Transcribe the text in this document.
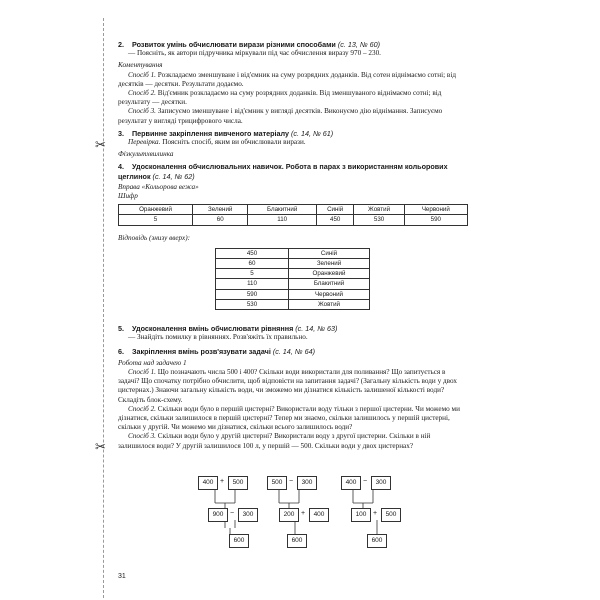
✂
✂

2. Розвиток умінь обчислювати вирази різними способами (с. 13, № 60)

— Поясніть, як автори підручника міркували під час обчислення виразу 970 – 230.

Коментування

Спосіб 1. Розкладаємо зменшуване і від'ємник на суму розрядних доданків. Від сотен віднімаємо сотні; від десятків — десятки. Результати додаємо.

Спосіб 2. Від'ємник розкладаємо на суму розрядних доданків. Від зменшуваного віднімаємо сотні; від результату — десятки.

Спосіб 3. Записуємо зменшуване і від'ємник у вигляді десятків. Виконуємо дію віднімання. Записуємо результат у вигляді трицифрового числа.

3. Первинне закріплення вивченого матеріалу (с. 14, № 61)

Перевірка. Поясніть спосіб, яким ви обчислювали вирази.

Фізкультхвилинка

4. Удосконалення обчислювальних навичок. Робота в парах з використанням кольорових цеглинок (с. 14, № 62)

Вправа «Кольорова вежа»

Шифр

Оранжевий	Зелений	Блакитний	Синій	Жовтий	Червоний
5	60	110	450	530	590

Відповідь (знизу вверх):

450	Синій
60	Зелений
5	Оранжевий
110	Блакитний
590	Червоний
530	Жовтий

5. Удосконалення вмінь обчислювати рівняння (с. 14, № 63)

— Знайдіть помилку в рівняннях. Розв'яжіть їх правильно.

6. Закріплення вмінь розв'язувати задачі (с. 14, № 64)

Робота над задачею 1

Спосіб 1. Що позначають числа 500 і 400? Скільки води використали для поливання? Що запитується в задачі? Що спочатку потрібно обчислити, щоб відповісти на запитання задачі? (Загальну кількість води у двох цистернах.) Знаючи загальну кількість води, чи зможемо ми дізнатися кількість залишеної кількості води? Складіть блок-схему.

Спосіб 2. Скільки води було в першій цистерні? Використали воду тільки з першої цистерни. Чи можемо ми дізнатися, скільки залишилося в першій цистерні? Тепер ми знаємо, скільки залишилось у першій цистерні, скільки у другій. Чи можемо ми дізнатися, скільки всього залишилось води?

Спосіб 3. Скільки води було у другій цистерні? Використали воду з другої цистерни. Скільки в ній залишилося води? У другій залишилося 100 л, у першій — 500. Скільки води у двох цистернах?

400 +	500
900 −	300
600
500 −	300
200 +	400
600
400 −	300
100 +	500
600
31
